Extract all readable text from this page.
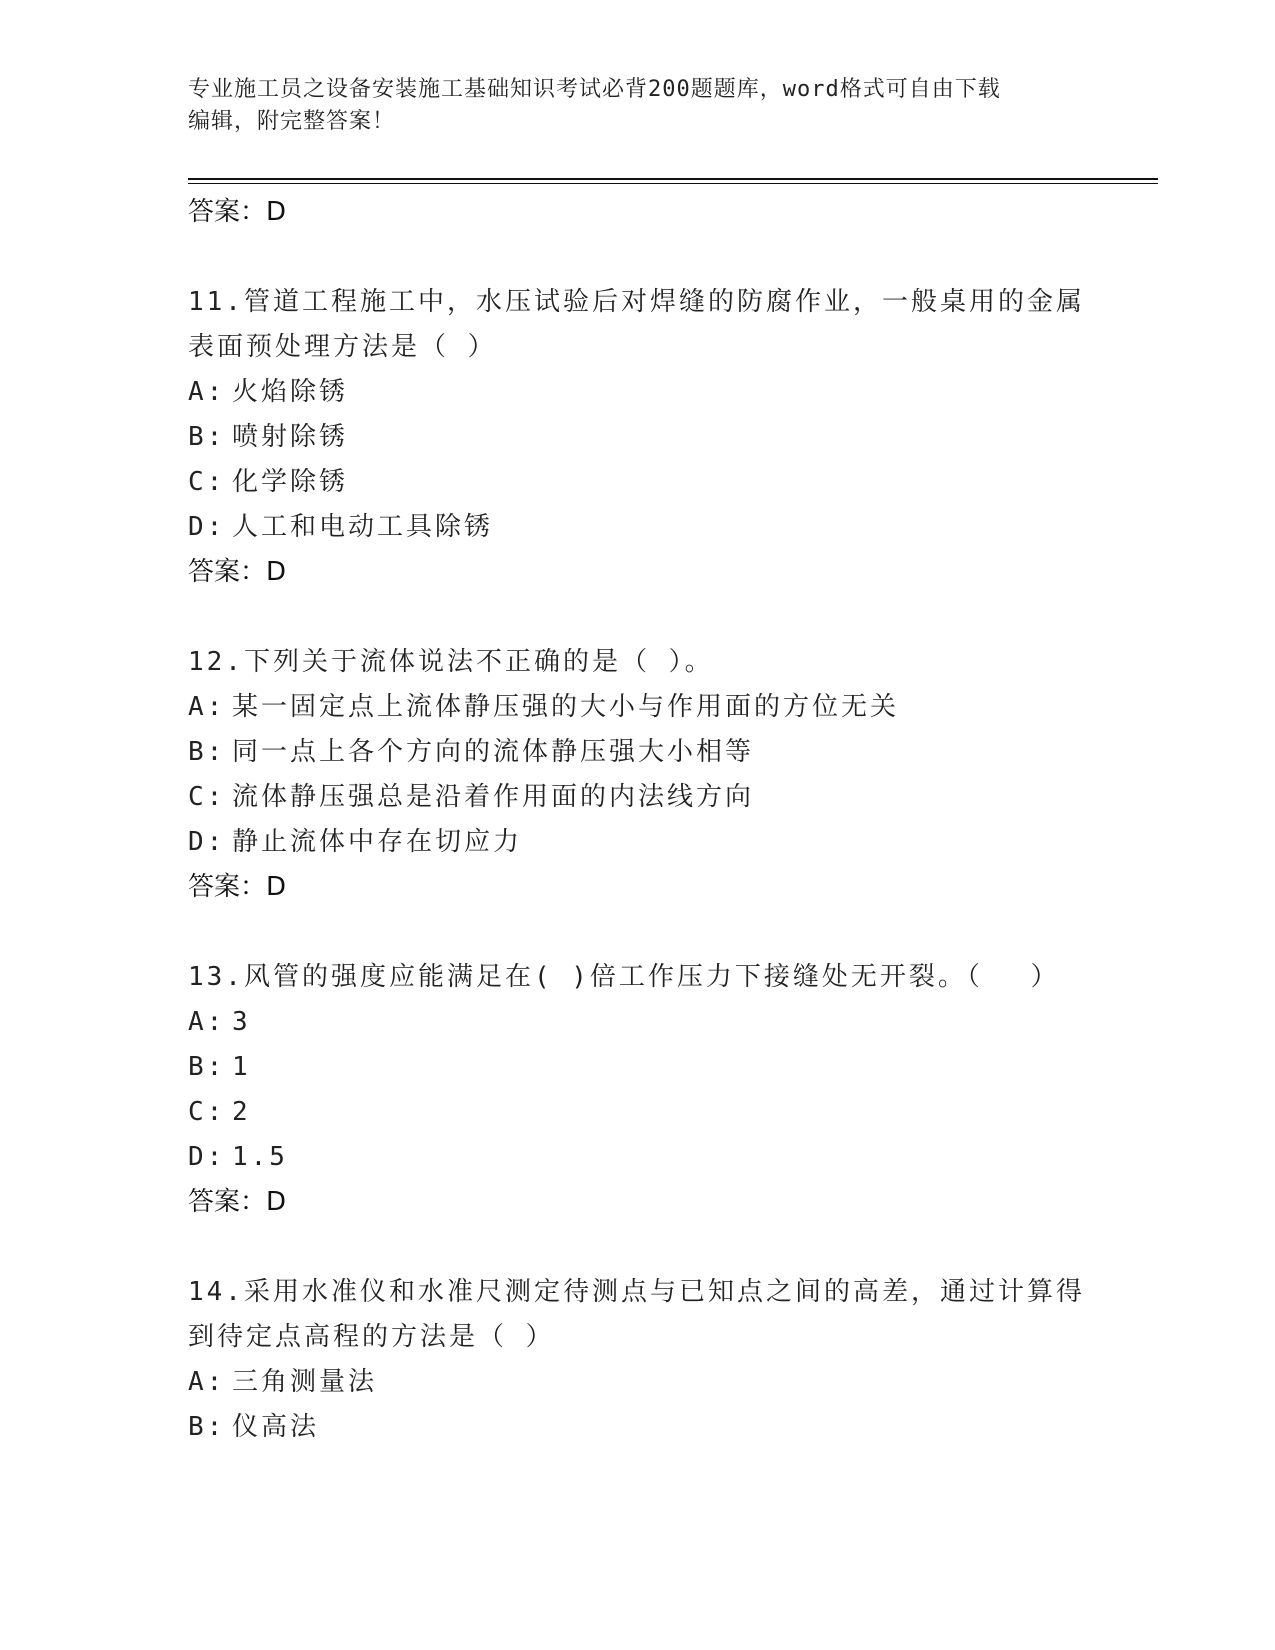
专业施工员之设备安装施工基础知识考试必背200题题库，word格式可自由下载
编辑，附完整答案！
答案：D
11.管道工程施工中，水压试验后对焊缝的防腐作业，一般桌用的金属
表面预处理方法是（ ）
A: 火焰除锈
B: 喷射除锈
C: 化学除锈
D: 人工和电动工具除锈
答案：D
12.下列关于流体说法不正确的是（ ）。
A: 某一固定点上流体静压强的大小与作用面的方位无关
B: 同一点上各个方向的流体静压强大小相等
C: 流体静压强总是沿着作用面的内法线方向
D: 静止流体中存在切应力
答案：D
13.风管的强度应能满足在( )倍工作压力下接缝处无开裂。（　 ）
A: 3
B: 1
C: 2
D: 1.5
答案：D
14.采用水准仪和水准尺测定待测点与已知点之间的高差，通过计算得
到待定点高程的方法是（ ）
A: 三角测量法
B: 仪高法
